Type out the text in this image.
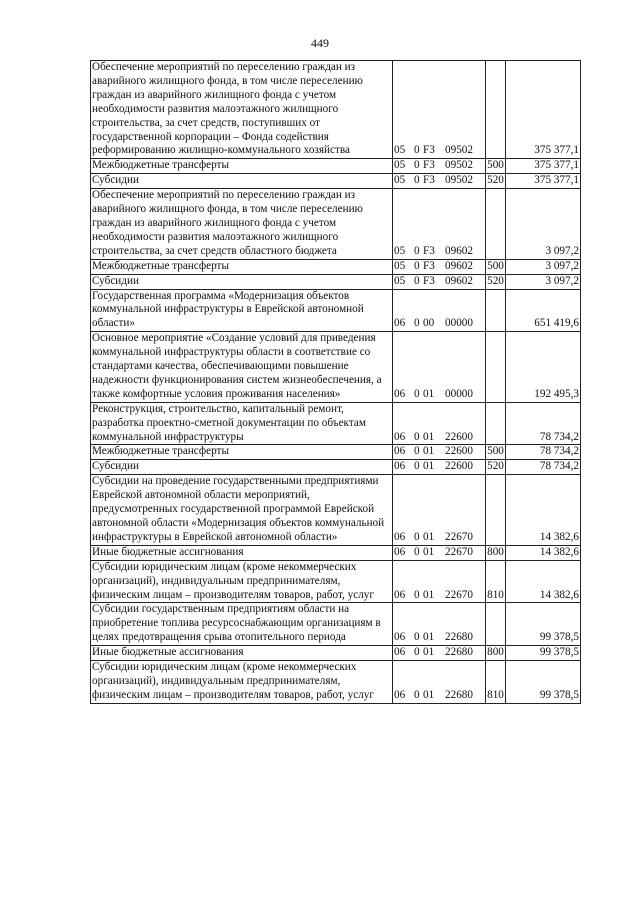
449
Обеспечение мероприятий по переселению граждан из аварийного жилищного фонда, в том числе переселению граждан из аварийного жилищного фонда с учетом необходимости развития малоэтажного жилищного строительства, за счет средств, поступивших от государственной корпорации – Фонда содействия реформированию жилищно-коммунального хозяйства	05 0 F3 09502		375 377,1
Межбюджетные трансферты	05 0 F3 09502	500	375 377,1
Субсидии	05 0 F3 09502	520	375 377,1
Обеспечение мероприятий по переселению граждан из аварийного жилищного фонда, в том числе переселению граждан из аварийного жилищного фонда с учетом необходимости развития малоэтажного жилищного строительства, за счет средств областного бюджета	05 0 F3 09602		3 097,2
Межбюджетные трансферты	05 0 F3 09602	500	3 097,2
Субсидии	05 0 F3 09602	520	3 097,2
Государственная программа «Модернизация объектов коммунальной инфраструктуры в Еврейской автономной области»	06 0 00 00000		651 419,6
Основное мероприятие «Создание условий для приведения коммунальной инфраструктуры области в соответствие со стандартами качества, обеспечивающими повышение надежности функционирования систем жизнеобеспечения, а также комфортные условия проживания населения»	06 0 01 00000		192 495,3
Реконструкция, строительство, капитальный ремонт, разработка проектно-сметной документации по объектам коммунальной инфраструктуры	06 0 01 22600		78 734,2
Межбюджетные трансферты	06 0 01 22600	500	78 734,2
Субсидии	06 0 01 22600	520	78 734,2
Субсидии на проведение государственными предприятиями Еврейской автономной области мероприятий, предусмотренных государственной программой Еврейской автономной области «Модернизация объектов коммунальной инфраструктуры в Еврейской автономной области»	06 0 01 22670		14 382,6
Иные бюджетные ассигнования	06 0 01 22670	800	14 382,6
Субсидии юридическим лицам (кроме некоммерческих организаций), индивидуальным предпринимателям, физическим лицам – производителям товаров, работ, услуг	06 0 01 22670	810	14 382,6
Субсидии государственным предприятиям области на приобретение топлива ресурсоснабжающим организациям в целях предотвращения срыва отопительного периода	06 0 01 22680		99 378,5
Иные бюджетные ассигнования	06 0 01 22680	800	99 378,5
Субсидии юридическим лицам (кроме некоммерческих организаций), индивидуальным предпринимателям, физическим лицам – производителям товаров, работ, услуг	06 0 01 22680	810	99 378,5
